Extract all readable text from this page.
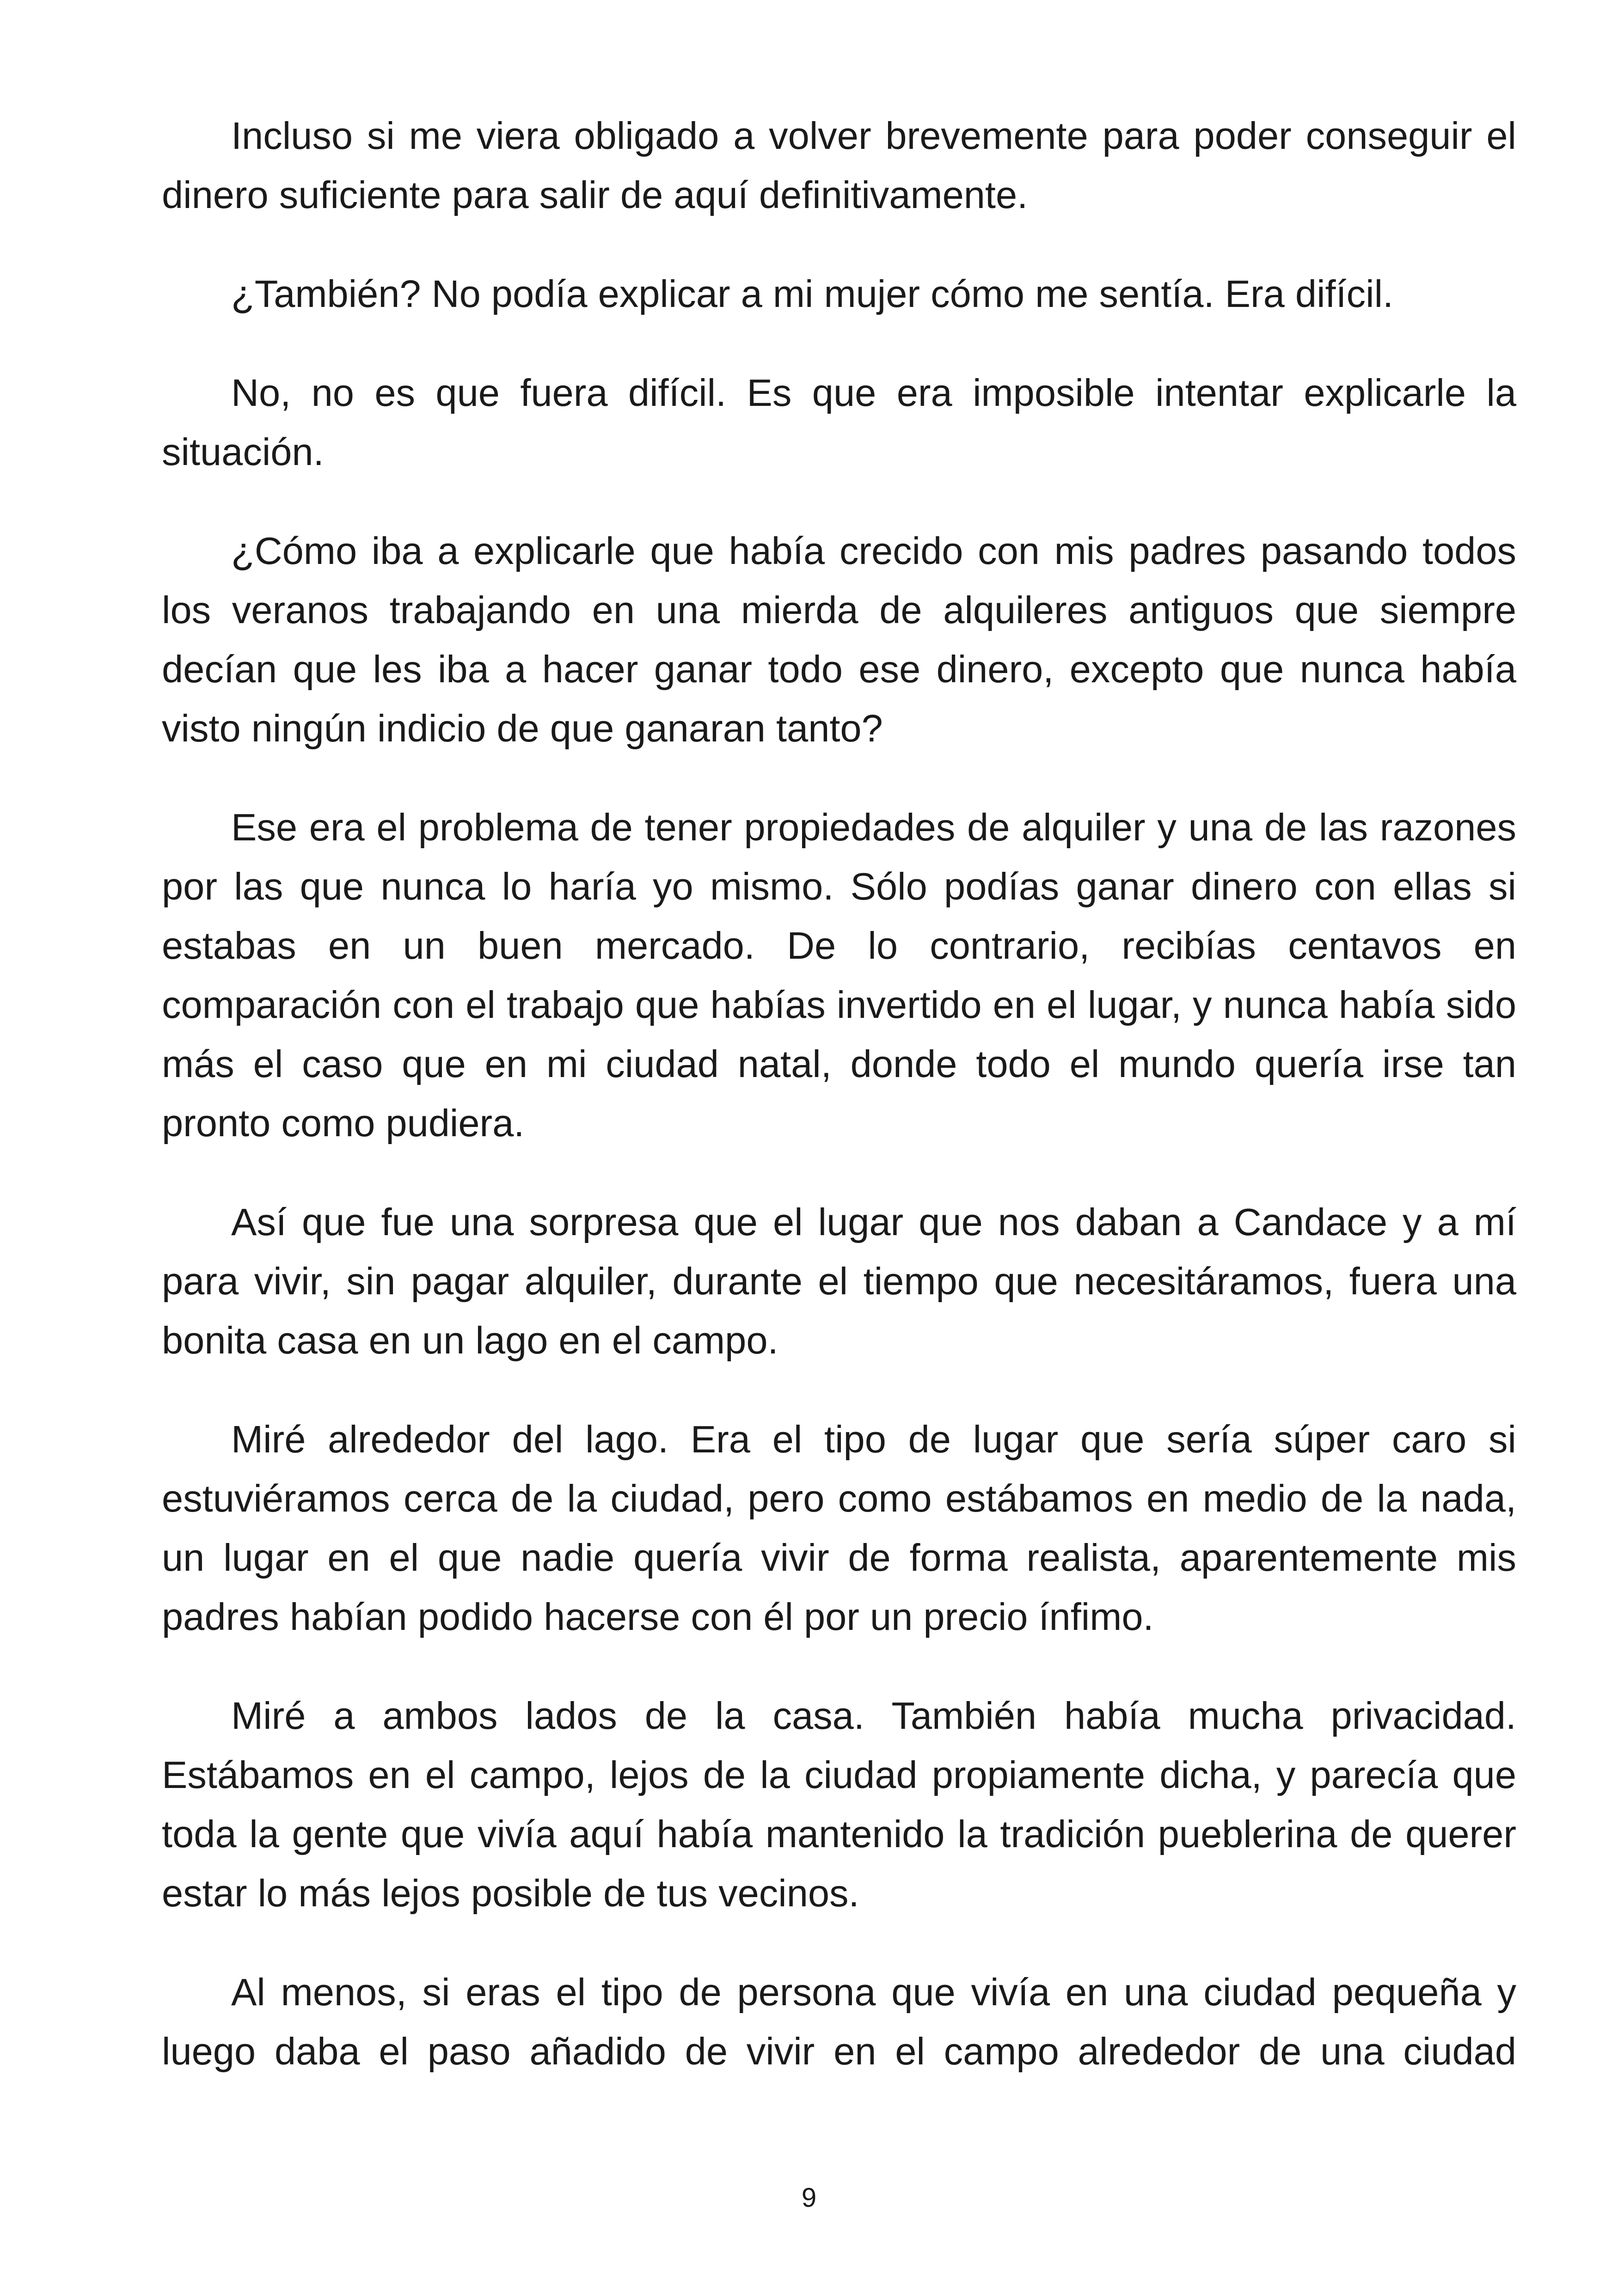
Incluso si me viera obligado a volver brevemente para poder conseguir el dinero suficiente para salir de aquí definitivamente.

¿También? No podía explicar a mi mujer cómo me sentía. Era difícil.

No, no es que fuera difícil. Es que era imposible intentar explicarle la situación.

¿Cómo iba a explicarle que había crecido con mis padres pasando todos los veranos trabajando en una mierda de alquileres antiguos que siempre decían que les iba a hacer ganar todo ese dinero, excepto que nunca había visto ningún indicio de que ganaran tanto?

Ese era el problema de tener propiedades de alquiler y una de las razones por las que nunca lo haría yo mismo. Sólo podías ganar dinero con ellas si estabas en un buen mercado. De lo contrario, recibías centavos en comparación con el trabajo que habías invertido en el lugar, y nunca había sido más el caso que en mi ciudad natal, donde todo el mundo quería irse tan pronto como pudiera.

Así que fue una sorpresa que el lugar que nos daban a Candace y a mí para vivir, sin pagar alquiler, durante el tiempo que necesitáramos, fuera una bonita casa en un lago en el campo.

Miré alrededor del lago. Era el tipo de lugar que sería súper caro si estuviéramos cerca de la ciudad, pero como estábamos en medio de la nada, un lugar en el que nadie quería vivir de forma realista, aparentemente mis padres habían podido hacerse con él por un precio ínfimo.

Miré a ambos lados de la casa. También había mucha privacidad. Estábamos en el campo, lejos de la ciudad propiamente dicha, y parecía que toda la gente que vivía aquí había mantenido la tradición pueblerina de querer estar lo más lejos posible de tus vecinos.

Al menos, si eras el tipo de persona que vivía en una ciudad pequeña y luego daba el paso añadido de vivir en el campo alrededor de una ciudad

9
